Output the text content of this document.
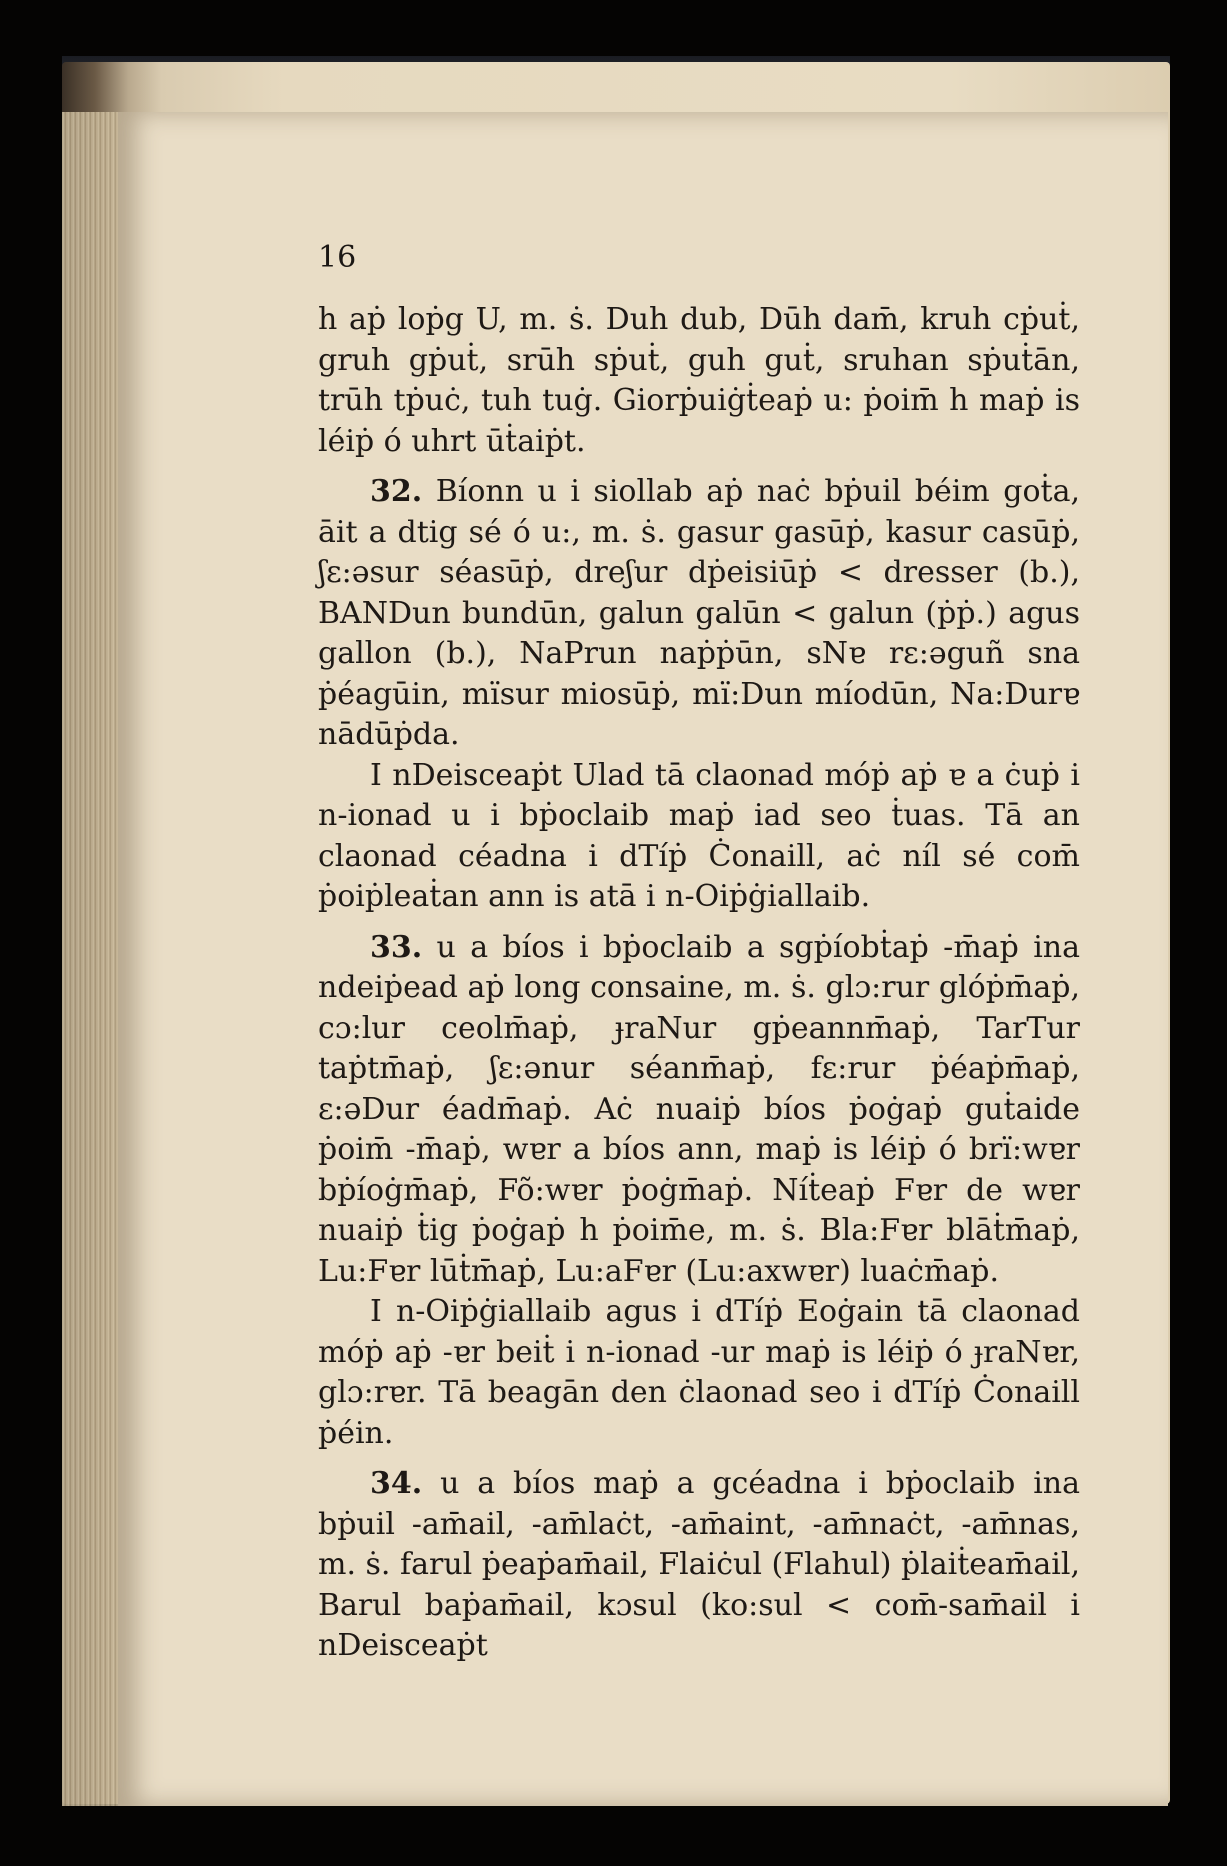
16

h aṗ loṗg U, m. ṡ. Duh dub, Dūh dam̄, kruh cṗuṫ, gruh gṗuṫ, srūh sṗuṫ, guh guṫ, sruhan sṗuṫān, trūh tṗuċ, tuh tuġ. Giorṗuiġṫeaṗ u: ṗoim̄ h maṗ is léiṗ ó uhrt ūṫaiṗt.

32. Bíonn u i siollab aṗ naċ bṗuil béim goṫa, āit a dtig sé ó u:, m. ṡ. gasur gasūṗ, kasur casūṗ, ʃɛ:əsur séasūṗ, dreʃur dṗeisiūṗ < dresser (b.), BANDun bundūn, galun galūn < galun (ṗṗ.) agus gallon (b.), NaPrun naṗṗūn, sNɐ rɛ:əguñ sna ṗéagūin, mïsur miosūṗ, mï:Dun míodūn, Na:Durɐ nādūṗda.

I nDeisceaṗt Ulad tā claonad móṗ aṗ ɐ a ċuṗ i n-ionad u i bṗoclaib maṗ iad seo ṫuas. Tā an claonad céadna i dTíṗ Ċonaill, aċ níl sé com̄ ṗoiṗleaṫan ann is atā i n-Oiṗġiallaib.

33. u a bíos i bṗoclaib a sgṗíobṫaṗ -m̄aṗ ina ndeiṗead aṗ long consaine, m. ṡ. glɔ:rur glóṗm̄aṗ, cɔ:lur ceolm̄aṗ, ɟraNur gṗeannm̄aṗ, TarTur taṗtm̄aṗ, ʃɛ:ənur séanm̄aṗ, fɛ:rur ṗéaṗm̄aṗ, ɛ:əDur éadm̄aṗ. Aċ nuaiṗ bíos ṗoġaṗ guṫaide ṗoim̄ -m̄aṗ, wɐr a bíos ann, maṗ is léiṗ ó brï:wɐr bṗíoġm̄aṗ, Fõ:wɐr ṗoġm̄aṗ. Níṫeaṗ Fɐr de wɐr nuaiṗ ṫig ṗoġaṗ h ṗoim̄e, m. ṡ. Bla:Fɐr blāṫm̄aṗ, Lu:Fɐr lūṫm̄aṗ, Lu:aFɐr (Lu:axwɐr) luaċm̄aṗ.

I n-Oiṗġiallaib agus i dTíṗ Eoġain tā claonad móṗ aṗ -ɐr beiṫ i n-ionad -ur maṗ is léiṗ ó ɟraNɐr, glɔ:rɐr. Tā beagān den ċlaonad seo i dTíṗ Ċonaill ṗéin.

34. u a bíos maṗ a gcéadna i bṗoclaib ina bṗuil -am̄ail, -am̄laċt, -am̄aint, -am̄naċt, -am̄nas, m. ṡ. farul ṗeaṗam̄ail, Flaiċul (Flahul) ṗlaiṫeam̄ail, Barul baṗam̄ail, kɔsul (ko:sul < com̄-sam̄ail i nDeisceaṗt
